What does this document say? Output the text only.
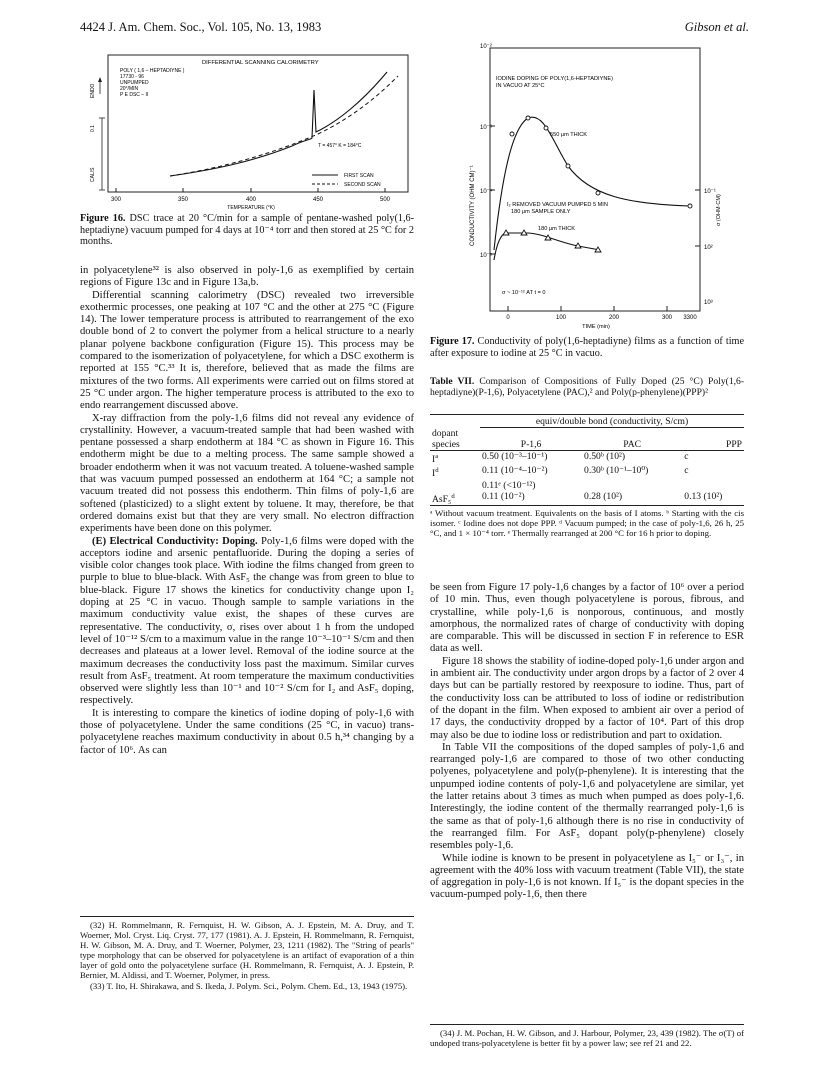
4424 J. Am. Chem. Soc., Vol. 105, No. 13, 1983	Gibson et al.
DIFFERENTIAL SCANNING CALORIMETRY
POLY ( 1,6 – HEPTADIYNE )
17730 - 96
UNPUMPED
20°/MIN
P E DSC – II
ENDO
0.1
CAL/S
T = 457° K = 184°C
FIRST SCAN
SECOND SCAN
300	350	400	450	500
TEMPERATURE (°K)
Figure 16. DSC trace at 20 °C/min for a sample of pentane-washed poly(1,6-heptadiyne) vacuum pumped for 4 days at 10⁻⁴ torr and then stored at 25 °C for 2 months.

in polyacetylene³² is also observed in poly-1,6 as exemplified by certain regions of Figure 13c and in Figure 13a,b.

Differential scanning calorimetry (DSC) revealed two irreversible exothermic processes, one peaking at 107 °C and the other at 275 °C (Figure 14). The lower temperature process is attributed to rearrangement of the exo double bond of 2 to convert the polymer from a helical structure to a nearly planar polyene backbone configuration (Figure 15). This process may be compared to the isomerization of polyacetylene, for which a DSC exotherm is reported at 155 °C.³³ It is, therefore, believed that as made the films are mixtures of the two forms. All experiments were carried out on films stored at 25 °C under argon. The higher temperature process is attributed to the exo to endo rearrangement discussed above.

X-ray diffraction from the poly-1,6 films did not reveal any evidence of crystallinity. However, a vacuum-treated sample that had been washed with pentane possessed a sharp endotherm at 184 °C as shown in Figure 16. This endotherm might be due to a melting process. The same sample showed a broader endotherm when it was not vacuum treated. A toluene-washed sample that was vacuum pumped possessed an endotherm at 164 °C; a sample not vacuum treated did not possess this endotherm. Thin films of poly-1,6 are softened (plasticized) to a slight extent by toluene. It may, therefore, be that ordered domains exist but that they are very small. No electron diffraction experiments have been done on this polymer.

(E) Electrical Conductivity: Doping. Poly-1,6 films were doped with the acceptors iodine and arsenic pentafluoride. During the doping a series of visible color changes took place. With iodine the films changed from green to purple to blue to blue-black. With AsF₅ the change was from green to blue to blue-black. Figure 17 shows the kinetics for conductivity change upon I₂ doping at 25 °C in vacuo. Though sample to sample variations in the maximum conductivity value exist, the shapes of these curves are representative. The conductivity, σ, rises over about 1 h from the undoped level of 10⁻¹² S/cm to a maximum value in the range 10⁻³–10⁻¹ S/cm and then decreases and plateaus at a lower level. Removal of the iodine source at the maximum decreases the conductivity loss past the maximum. Similar curves result from AsF₅ treatment. At room temperature the maximum conductivities observed were slightly less than 10⁻¹ and 10⁻² S/cm for I₂ and AsF₅ doping, respectively.

It is interesting to compare the kinetics of iodine doping of poly-1,6 with those of polyacetylene. Under the same conditions (25 °C, in vacuo) trans-polyacetylene reaches maximum conductivity in about 0.5 h,³⁴ changing by a factor of 10⁶. As can

(32) H. Rommelmann, R. Fernquist, H. W. Gibson, A. J. Epstein, M. A. Druy, and T. Woerner, Mol. Cryst. Liq. Cryst. 77, 177 (1981). A. J. Epstein, H. Rommelmann, R. Fernquist, H. W. Gibson, M. A. Druy, and T. Woerner, Polymer, 23, 1211 (1982). The "String of pearls" type morphology that can be observed for polyacetylene is an artifact of evaporation of a thin layer of gold onto the polyacetylene surface (H. Rommelmann, R. Fernquist, A. J. Epstein, P. Bernier, M. Aldissi, and T. Woerner, Polymer, in press.

(33) T. Ito, H. Shirakawa, and S. Ikeda, J. Polym. Sci., Polym. Chem. Ed., 13, 1943 (1975).

IODINE DOPING OF POLY(1,6-HEPTADIYNE)
IN VACUO AT 25°C
10⁻²
10⁻³
10⁻⁴
10⁻⁵
10⁻¹
10²
10³
CONDUCTIVITY (OHM CM)⁻¹	σ (OHM·CM)
550 μm THICK
I₂ REMOVED VACUUM PUMPED 5 MIN
180 μm SAMPLE ONLY
180 μm THICK
σ ~ 10⁻¹² AT t = 0
0	100	200	300 3300
TIME (min)
Figure 17. Conductivity of poly(1,6-heptadiyne) films as a function of time after exposure to iodine at 25 °C in vacuo.
Table VII. Comparison of Compositions of Fully Doped (25 °C) Poly(1,6-heptadiyne)(P-1,6), Polyacetylene (PAC),² and Poly(p-phenylene)(PPP)²
	equiv/double bond (conductivity, S/cm)		
dopant			
species	P-1,6	PAC	PPP
$I^a$	0.50 (10⁻³–10⁻¹)	0.50ᵇ (10²)	c
$I^d$	0.11 (10⁻⁴–10⁻²)	0.30ᵇ (10⁻¹–10⁰)	c
	0.11ᵉ (<10⁻¹²)		
AsF₅$^d$	0.11 (10⁻²)	0.28 (10²)	0.13 (10²)
ᵃ Without vacuum treatment. Equivalents on the basis of I atoms. ᵇ Starting with the cis isomer. ᶜ Iodine does not dope PPP. ᵈ Vacuum pumped; in the case of poly-1,6, 26 h, 25 °C, and 1 × 10⁻⁴ torr. ᵉ Thermally rearranged at 200 °C for 16 h prior to doping.

be seen from Figure 17 poly-1,6 changes by a factor of 10⁶ over a period of 10 min. Thus, even though polyacetylene is porous, fibrous, and crystalline, while poly-1,6 is nonporous, continuous, and mostly amorphous, the normalized rates of charge of conductivity with doping are comparable. This will be discussed in section F in reference to ESR data as well.

Figure 18 shows the stability of iodine-doped poly-1,6 under argon and in ambient air. The conductivity under argon drops by a factor of 2 over 4 days but can be partially restored by reexposure to iodine. Thus, part of the conductivity loss can be attributed to loss of iodine or redistribution of the dopant in the film. When exposed to ambient air over a period of 17 days, the conductivity dropped by a factor of 10⁴. Part of this drop may also be due to iodine loss or redistribution and part to oxidation.

In Table VII the compositions of the doped samples of poly-1,6 and rearranged poly-1,6 are compared to those of two other conducting polyenes, polyacetylene and poly(p-phenylene). It is interesting that the unpumped iodine contents of poly-1,6 and polyacetylene are similar, yet the latter retains about 3 times as much when pumped as does poly-1,6. Interestingly, the iodine content of the thermally rearranged poly-1,6 is the same as that of poly-1,6 although there is no rise in conductivity of the rearranged film. For AsF₅ dopant poly(p-phenylene) closely resembles poly-1,6.

While iodine is known to be present in polyacetylene as I₅⁻ or I₃⁻, in agreement with the 40% loss with vacuum treatment (Table VII), the state of aggregation in poly-1,6 is not known. If I₅⁻ is the dopant species in the vacuum-pumped poly-1,6, then there

(34) J. M. Pochan, H. W. Gibson, and J. Harbour, Polymer, 23, 439 (1982). The σ(T) of undoped trans-polyacetylene is better fit by a power law; see ref 21 and 22.
